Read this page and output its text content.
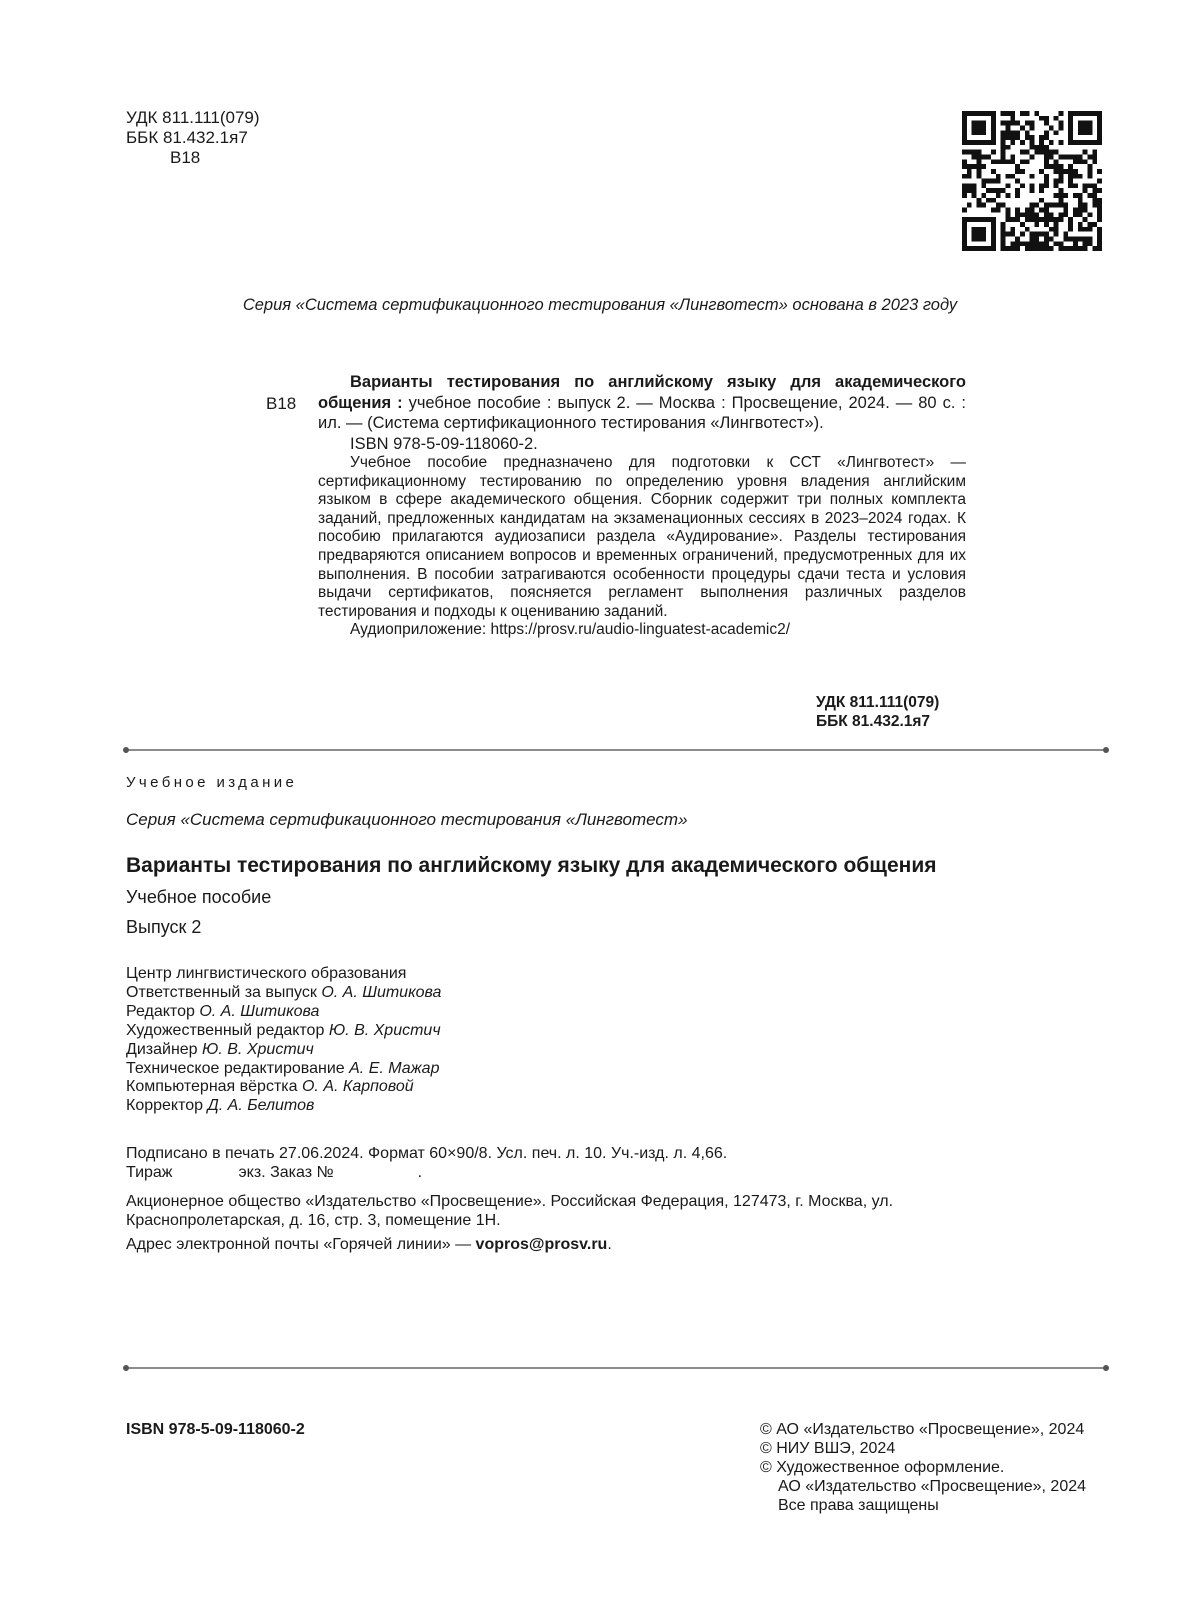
УДК 811.111(079)
ББК 81.432.1я7
В18
Серия «Система сертификационного тестирования «Лингвотест» основана в 2023 году
В18

Варианты тестирования по английскому языку для академического общения : учебное пособие : выпуск 2. — Москва : Просвещение, 2024. — 80 с. : ил. — (Система сертификационного тестирования «Лингвотест»).

ISBN 978-5-09-118060-2.

Учебное пособие предназначено для подготовки к ССТ «Лингвотест» — сертификационному тестированию по определению уровня владения английским языком в сфере академического общения. Сборник содержит три полных комплекта заданий, предложенных кандидатам на экзаменационных сессиях в 2023–2024 годах. К пособию прилагаются аудиозаписи раздела «Аудирование». Разделы тестирования предваряются описанием вопросов и временных ограничений, предусмотренных для их выполнения. В пособии затрагиваются особенности процедуры сдачи теста и условия выдачи сертификатов, поясняется регламент выполнения различных разделов тестирования и подходы к оцениванию заданий.

Аудиоприложение: https://prosv.ru/audio-linguatest-academic2/

УДК 811.111(079)
ББК 81.432.1я7
Учебное издание
Серия «Система сертификационного тестирования «Лингвотест»
Варианты тестирования по английскому языку для академического общения
Учебное пособие
Выпуск 2
Центр лингвистического образования
Ответственный за выпуск О. А. Шитикова
Редактор О. А. Шитикова
Художественный редактор Ю. В. Христич
Дизайнер Ю. В. Христич
Техническое редактирование А. Е. Мажар
Компьютерная вёрстка О. А. Карповой
Корректор Д. А. Белитов
Подписано в печать 27.06.2024. Формат 60×90/8. Усл. печ. л. 10. Уч.-изд. л. 4,66.
Тираж	экз. Заказ №	.
Акционерное общество «Издательство «Просвещение». Российская Федерация, 127473, г. Москва, ул. Краснопролетарская, д. 16, стр. 3, помещение 1Н.
Адрес электронной почты «Горячей линии» — vopros@prosv.ru.
ISBN 978-5-09-118060-2	© АО «Издательство «Просвещение», 2024
© НИУ ВШЭ, 2024
© Художественное оформление.
АО «Издательство «Просвещение», 2024
Все права защищены
